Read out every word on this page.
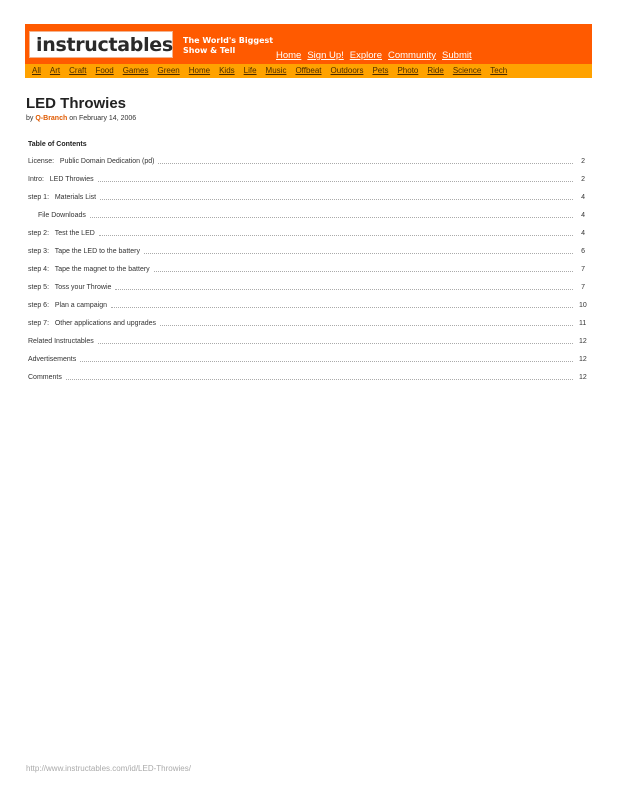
instructables The World's Biggest
Show & Tell	Home Sign Up! Explore Community Submit
All Art Craft Food Games Green Home Kids Life Music Offbeat Outdoors Pets Photo Ride Science Tech
LED Throwies
by Q-Branch on February 14, 2006
Table of Contents
License:   Public Domain Dedication (pd)	2
Intro:   LED Throwies	2
step 1:   Materials List	4
File Downloads	4
step 2:   Test the LED	4
step 3:   Tape the LED to the battery	6
step 4:   Tape the magnet to the battery	7
step 5:   Toss your Throwie	7
step 6:   Plan a campaign	10
step 7:   Other applications and upgrades	11
Related Instructables	12
Advertisements	12
Comments	12
http://www.instructables.com/id/LED-Throwies/
